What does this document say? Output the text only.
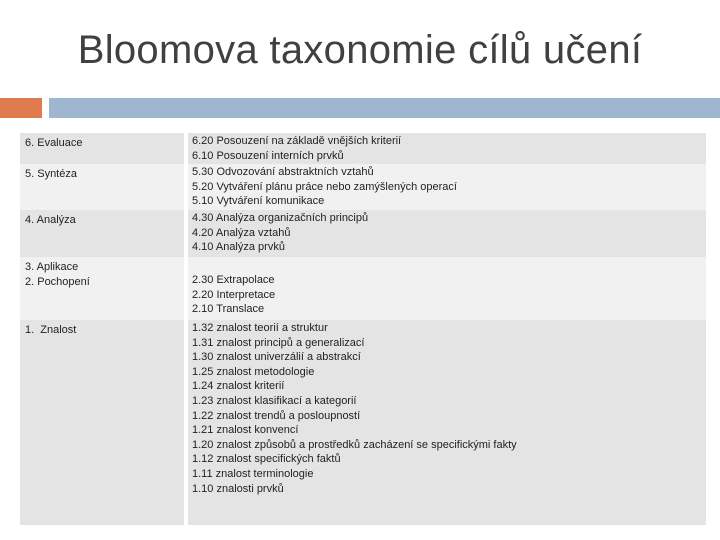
Bloomova taxonomie cílů učení
6. Evaluace	6.20 Posouzení na základě vnějších kriterií
6.10 Posouzení interních prvků
5. Syntéza	5.30 Odvozování abstraktních vztahů
5.20 Vytváření plánu práce nebo zamýšlených operací
5.10 Vytváření komunikace
4. Analýza	4.30 Analýza organizačních principů
4.20 Analýza vztahů
4.10 Analýza prvků
3. Aplikace
2. Pochopení	2.30 Extrapolace
2.20 Interpretace
2.10 Translace
1.  Znalost	1.32 znalost teorií a struktur
1.31 znalost principů a generalizací
1.30 znalost univerzálií a abstrakcí
1.25 znalost metodologie
1.24 znalost kriterií
1.23 znalost klasifikací a kategorií
1.22 znalost trendů a posloupností
1.21 znalost konvencí
1.20 znalost způsobů a prostředků zacházení se specifickými fakty
1.12 znalost specifických faktů
1.11 znalost terminologie
1.10 znalosti prvků
